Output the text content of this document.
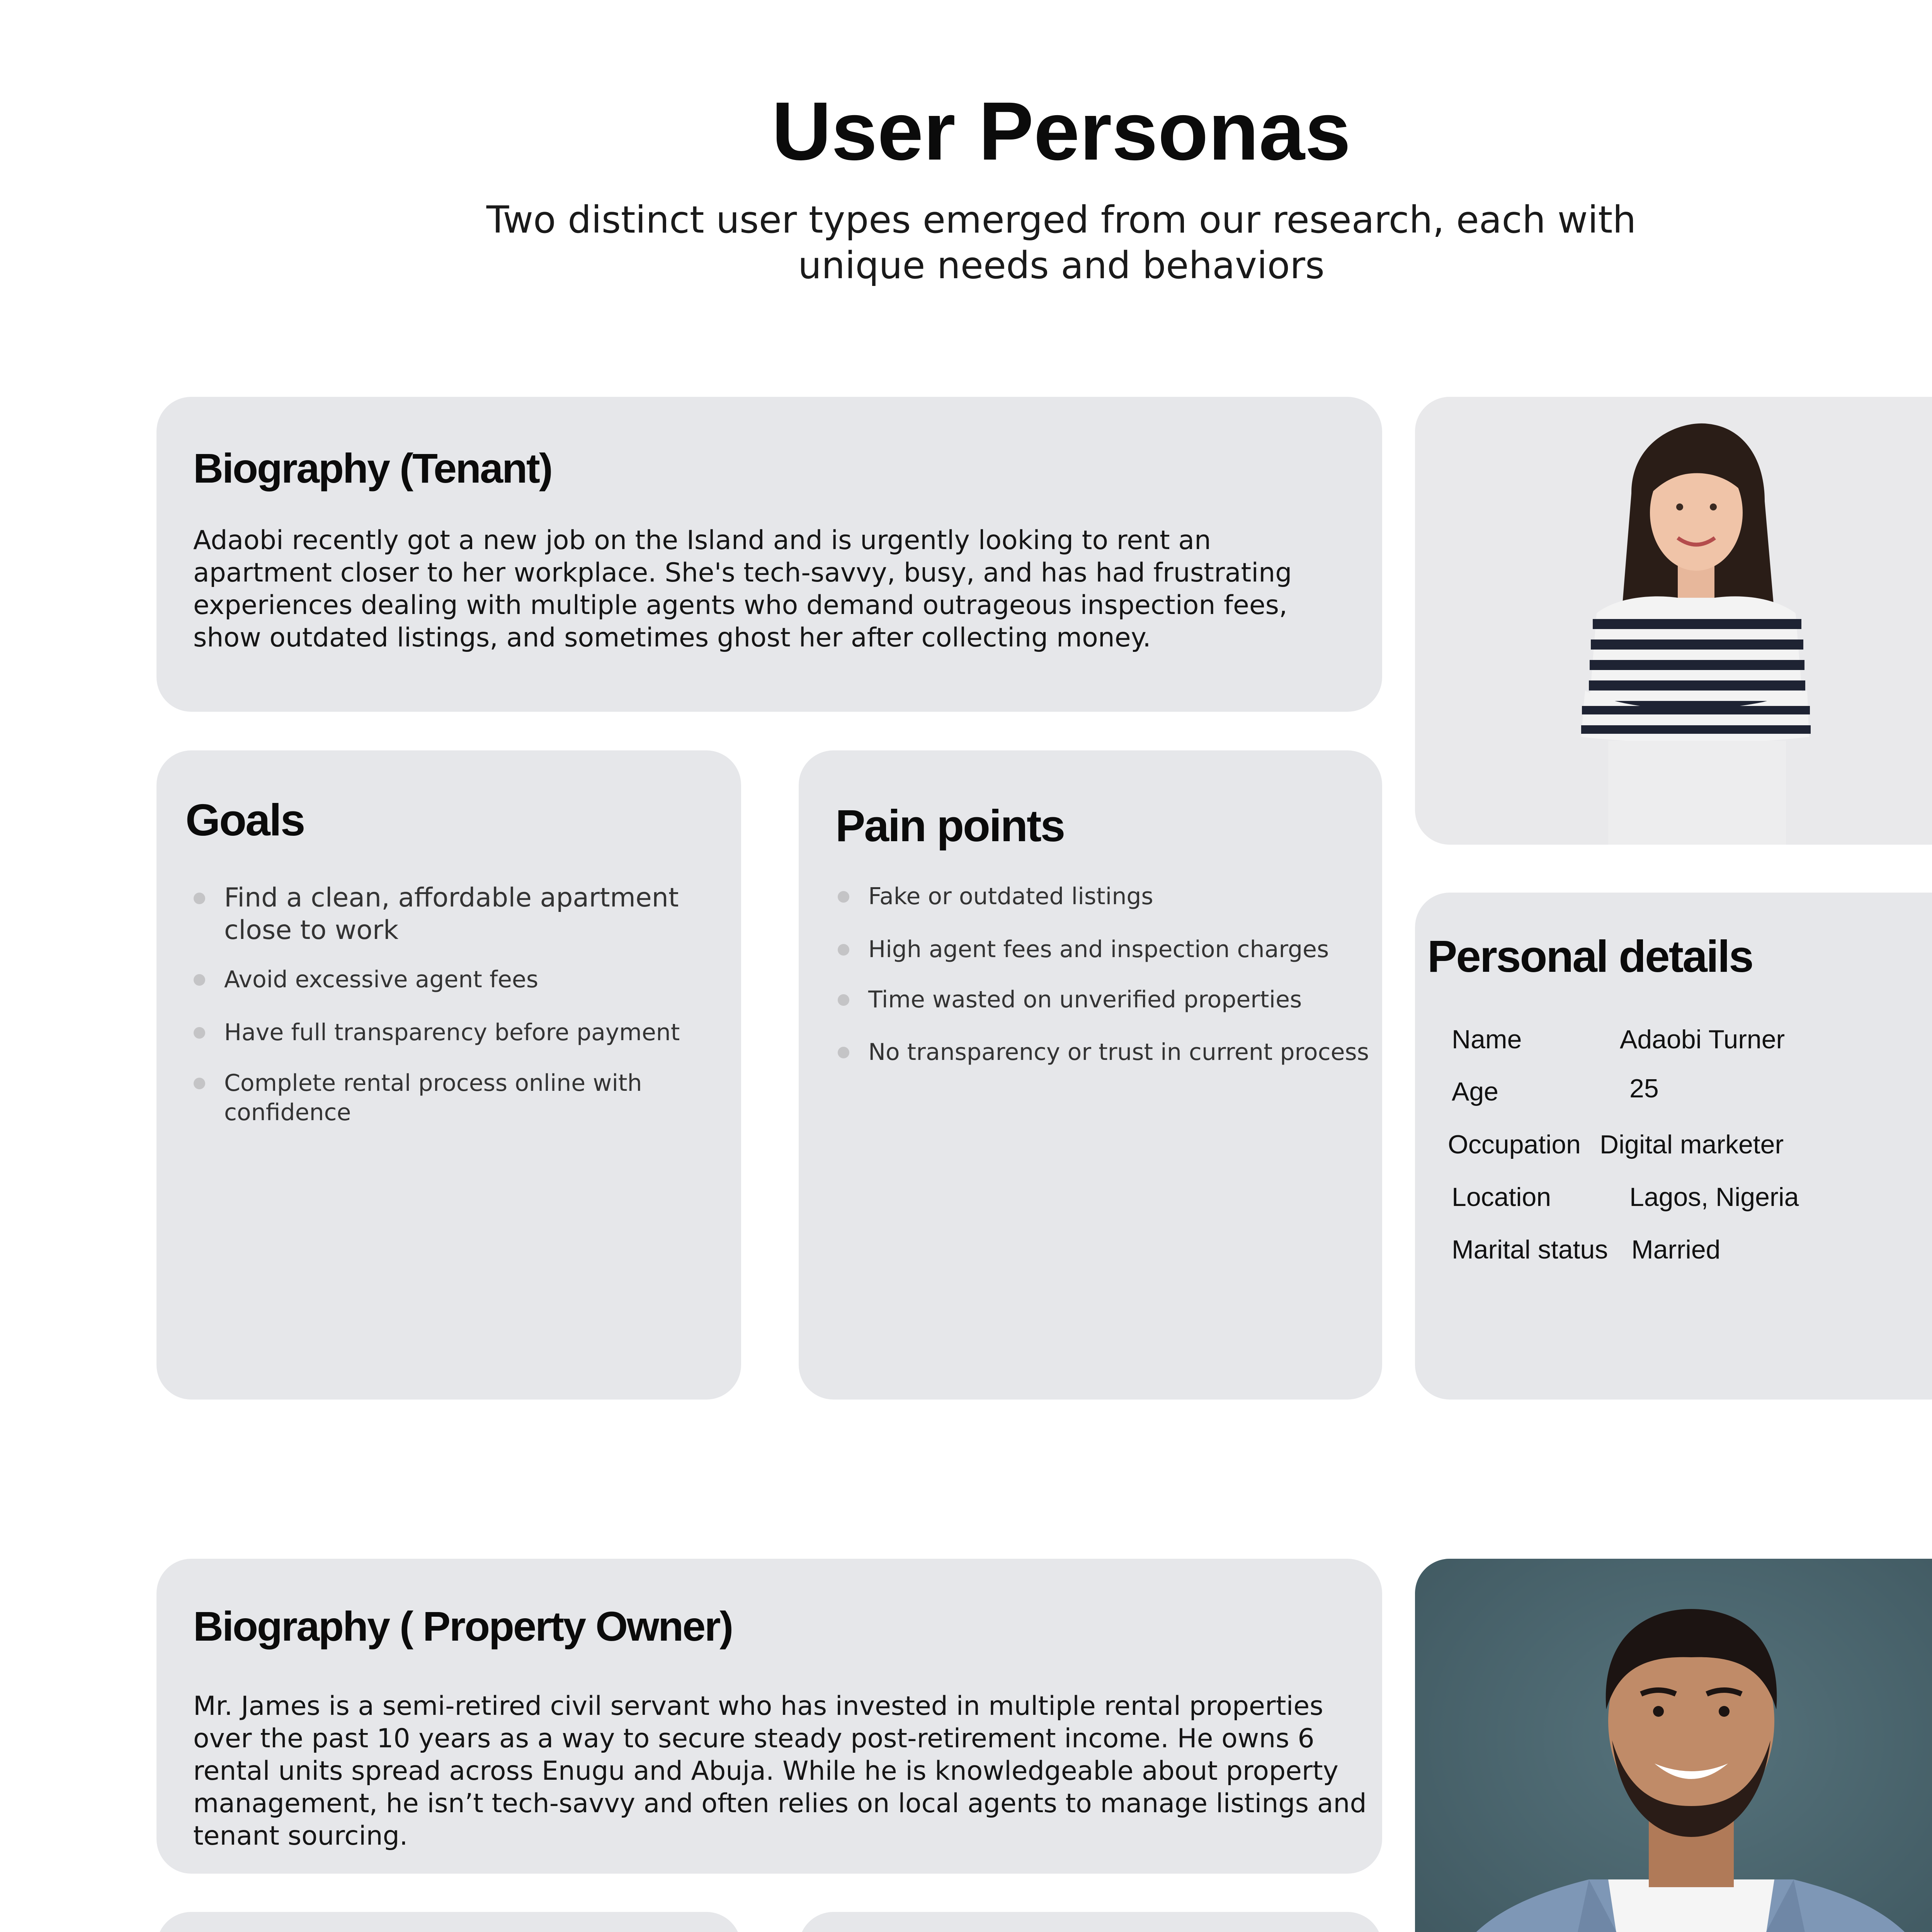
User Personas

Two distinct user types emerged from our research, each with unique needs and behaviors

Biography (Tenant)

Adaobi recently got a new job on the Island and is urgently looking to rent an apartment closer to her workplace. She's tech-savvy, busy, and has had frustrating experiences dealing with multiple agents who demand outrageous inspection fees, show outdated listings, and sometimes ghost her after collecting money.

Goals
Find a clean, affordable apartment close to work
Avoid excessive agent fees
Have full transparency before payment
Complete rental process online with confidence
Pain points
Fake or outdated listings
High agent fees and inspection charges
Time wasted on unverified properties
No transparency or trust in current process
Personal details
Name	Adaobi Turner
Age	25
Occupation Digital marketer
Location	Lagos, Nigeria
Marital status Married
Biography ( Property Owner)

Mr. James is a semi-retired civil servant who has invested in multiple rental properties over the past 10 years as a way to secure steady post-retirement income. He owns 6 rental units spread across Enugu and Abuja. While he is knowledgeable about property management, he isn’t tech-savvy and often relies on local agents to manage listings and tenant sourcing.
